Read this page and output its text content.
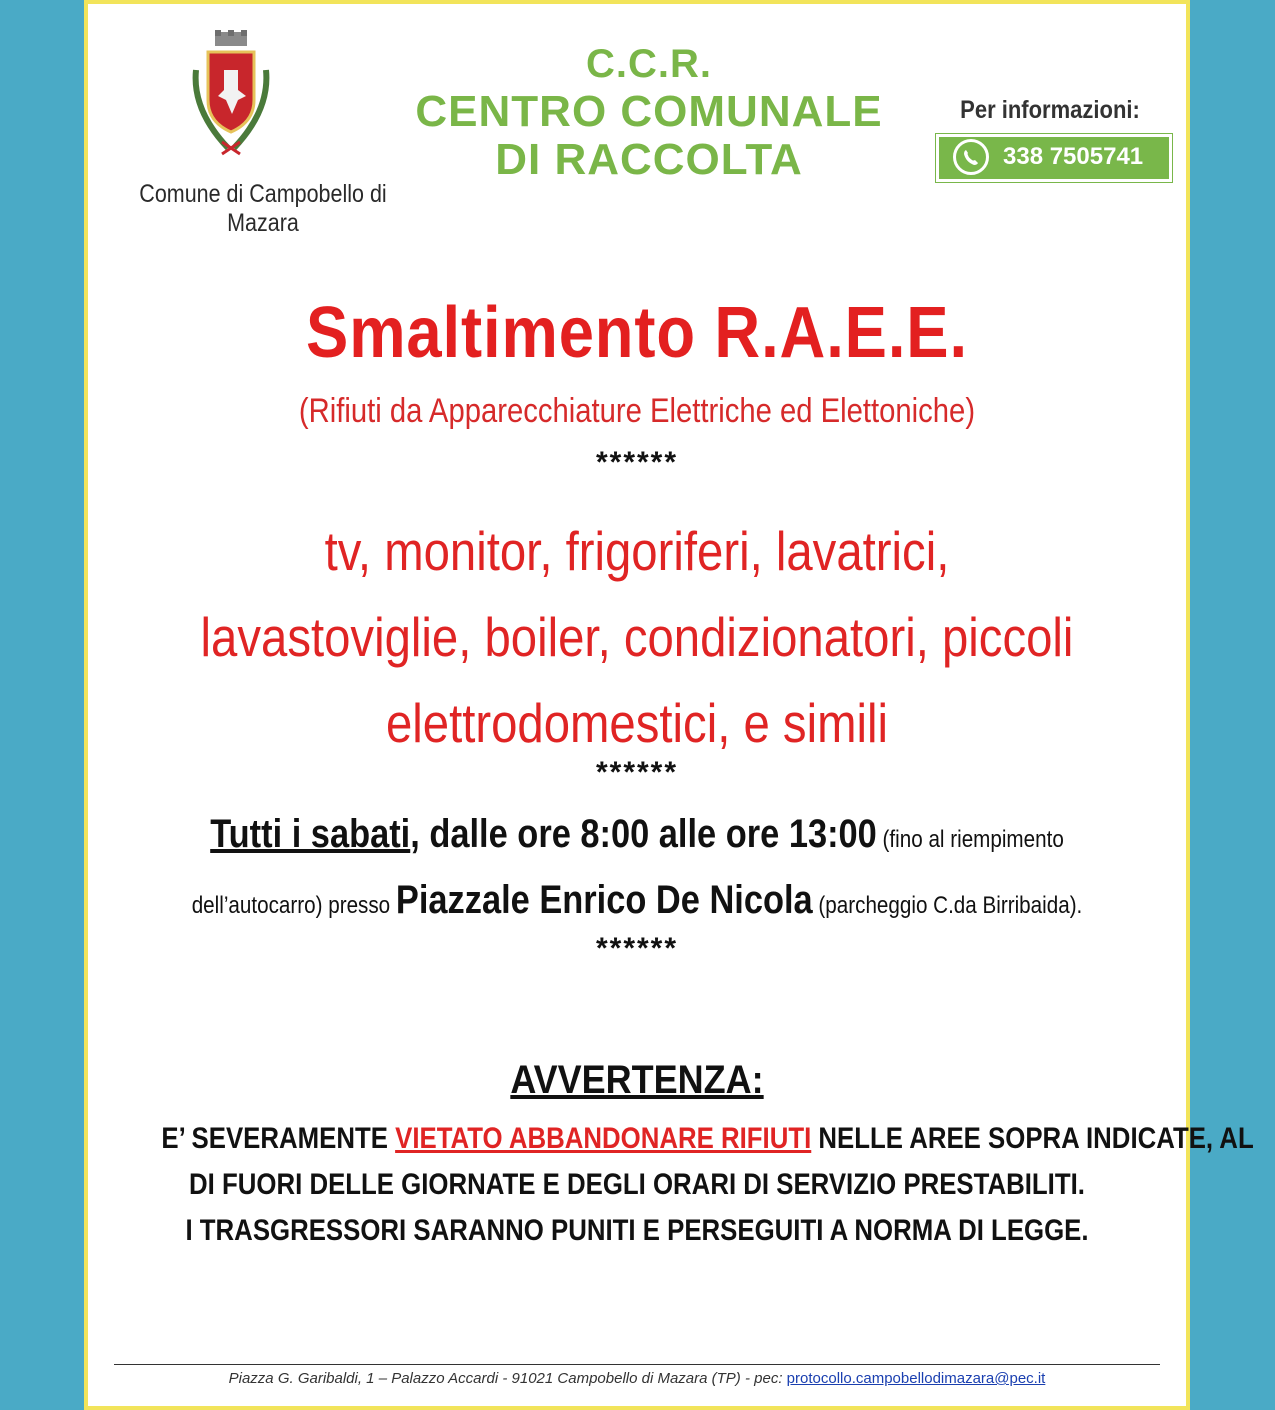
Comune di Campobello di Mazara
C.C.R.
CENTRO COMUNALE
DI RACCOLTA
Per informazioni:
338 7505741
Smaltimento R.A.E.E.
(Rifiuti da Apparecchiature Elettriche ed Elettoniche)
******
tv, monitor, frigoriferi, lavatrici,
lavastoviglie, boiler, condizionatori, piccoli
elettrodomestici, e simili
******
Tutti i sabati, dalle ore 8:00 alle ore 13:00 (fino al riempimento
dell’autocarro) presso Piazzale Enrico De Nicola (parcheggio C.da Birribaida).
******
AVVERTENZA:
E’ SEVERAMENTE VIETATO ABBANDONARE RIFIUTI NELLE AREE SOPRA INDICATE, AL
DI FUORI DELLE GIORNATE E DEGLI ORARI DI SERVIZIO PRESTABILITI.
I TRASGRESSORI SARANNO PUNITI E PERSEGUITI A NORMA DI LEGGE.
Piazza G. Garibaldi, 1 – Palazzo Accardi - 91021 Campobello di Mazara (TP) - pec: protocollo.campobellodimazara@pec.it
